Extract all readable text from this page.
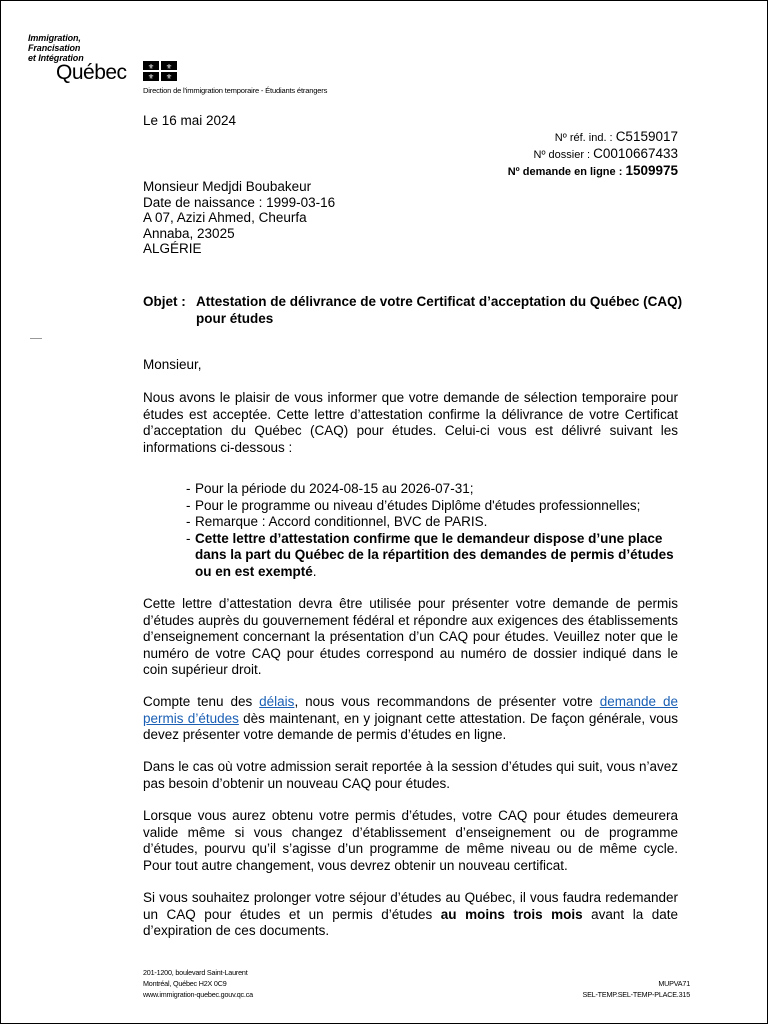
Immigration,
Francisation
et Intégration
Québec	⚜ ⚜
⚜ ⚜
Direction de l'immigration temporaire - Étudiants étrangers
Le 16 mai 2024
Nº réf. ind. : C5159017
Nº dossier : C0010667433
Nº demande en ligne : 1509975
Monsieur Medjdi Boubakeur
Date de naissance : 1999-03-16
A 07, Azizi Ahmed, Cheurfa
Annaba, 23025
ALGÉRIE
Objet : Attestation de délivrance de votre Certificat d’acceptation du Québec (CAQ) pour études
Monsieur,
Nous avons le plaisir de vous informer que votre demande de sélection temporaire pour études est acceptée. Cette lettre d’attestation confirme la délivrance de votre Certificat d’acceptation du Québec (CAQ) pour études. Celui-ci vous est délivré suivant les informations ci-dessous :
- Pour la période du 2024-08-15 au 2026-07-31;
- Pour le programme ou niveau d’études Diplôme d'études professionnelles;
- Remarque : Accord conditionnel, BVC de PARIS.
- Cette lettre d’attestation confirme que le demandeur dispose d’une place dans la part du Québec de la répartition des demandes de permis d’études ou en est exempté.
Cette lettre d’attestation devra être utilisée pour présenter votre demande de permis d’études auprès du gouvernement fédéral et répondre aux exigences des établissements d’enseignement concernant la présentation d’un CAQ pour études. Veuillez noter que le numéro de votre CAQ pour études correspond au numéro de dossier indiqué dans le coin supérieur droit.
Compte tenu des délais, nous vous recommandons de présenter votre demande de permis d’études dès maintenant, en y joignant cette attestation. De façon générale, vous devez présenter votre demande de permis d’études en ligne.
Dans le cas où votre admission serait reportée à la session d’études qui suit, vous n’avez pas besoin d’obtenir un nouveau CAQ pour études.
Lorsque vous aurez obtenu votre permis d’études, votre CAQ pour études demeurera valide même si vous changez d’établissement d’enseignement ou de programme d’études, pourvu qu’il s’agisse d’un programme de même niveau ou de même cycle. Pour tout autre changement, vous devrez obtenir un nouveau certificat.
Si vous souhaitez prolonger votre séjour d’études au Québec, il vous faudra redemander un CAQ pour études et un permis d’études au moins trois mois avant la date d’expiration de ces documents.
201-1200, boulevard Saint-Laurent
Montréal, Québec H2X 0C9
www.immigration-quebec.gouv.qc.ca
MUPVA71
SEL-TEMP.SEL-TEMP-PLACE.315
